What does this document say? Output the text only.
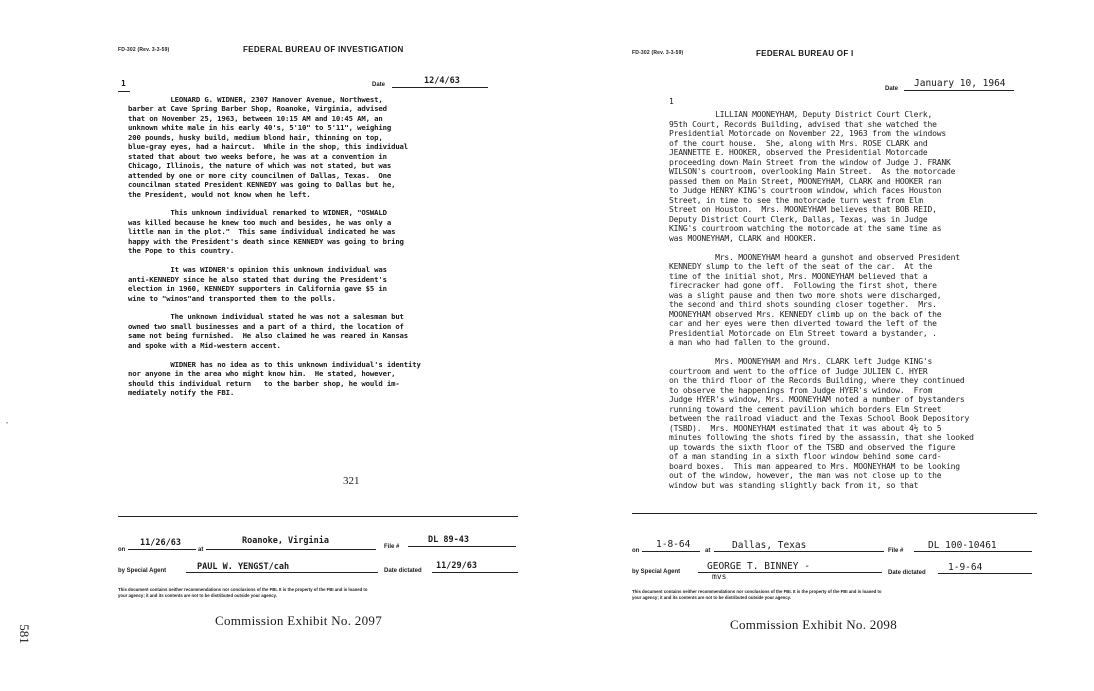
FD-302 (Rev. 3-3-59)	FEDERAL BUREAU OF INVESTIGATION
1	Date	12/4/63
LEONARD G. WIDNER, 2307 Hanover Avenue, Northwest,
barber at Cave Spring Barber Shop, Roanoke, Virginia, advised
that on November 25, 1963, between 10:15 AM and 10:45 AM, an
unknown white male in his early 40's, 5'10" to 5'11", weighing
200 pounds, husky build, medium blond hair, thinning on top,
blue-gray eyes, had a haircut.  While in the shop, this individual
stated that about two weeks before, he was at a convention in
Chicago, Illinois, the nature of which was not stated, but was
attended by one or more city councilmen of Dallas, Texas.  One
councilman stated President KENNEDY was going to Dallas but he,
the President, would not know when he left.

This unknown individual remarked to WIDNER, "OSWALD
was killed because he knew too much and besides, he was only a
little man in the plot."  This same individual indicated he was
happy with the President's death since KENNEDY was going to bring
the Pope to this country.

It was WIDNER's opinion this unknown individual was
anti-KENNEDY since he also stated that during the President's
election in 1960, KENNEDY supporters in California gave $5 in
wine to "winos"and transported them to the polls.

The unknown individual stated he was not a salesman but
owned two small businesses and a part of a third, the location of
same not being furnished.  He also claimed he was reared in Kansas
and spoke with a Mid-western accent.

WIDNER has no idea as to this unknown individual's identity
nor anyone in the area who might know him.  He stated, however,
should this individual return   to the barber shop, he would im-
mediately notify the FBI.
321
on
11/26/63
at
Roanoke, Virginia
File #
DL 89-43
by Special Agent	PAUL W. YENGST/cah	Date dictated 11/29/63
This document contains neither recommendations nor conclusions of the FBI. It is the property of the FBI and is loaned to
your agency; it and its contents are not to be distributed outside your agency.
Commission Exhibit No. 2097
FD-302 (Rev. 3-3-59)	FEDERAL BUREAU OF I
Date January 10, 1964
1
LILLIAN MOONEYHAM, Deputy District Court Clerk,
95th Court, Records Building, advised that she watched the
Presidential Motorcade on November 22, 1963 from the windows
of the court house.  She, along with Mrs. ROSE CLARK and
JEANNETTE E. HOOKER, observed the Presidential Motorcade
proceeding down Main Street from the window of Judge J. FRANK
WILSON's courtroom, overlooking Main Street.  As the motorcade
passed them on Main Street, MOONEYHAM, CLARK and HOOKER ran
to Judge HENRY KING's courtroom window, which faces Houston
Street, in time to see the motorcade turn west from Elm
Street on Houston.  Mrs. MOONEYHAM believes that BOB REID,
Deputy District Court Clerk, Dallas, Texas, was in Judge
KING's courtroom watching the motorcade at the same time as
was MOONEYHAM, CLARK and HOOKER.

Mrs. MOONEYHAM heard a gunshot and observed President
KENNEDY slump to the left of the seat of the car.  At the
time of the initial shot, Mrs. MOONEYHAM believed that a
firecracker had gone off.  Following the first shot, there
was a slight pause and then two more shots were discharged,
the second and third shots sounding closer together.  Mrs.
MOONEYHAM observed Mrs. KENNEDY climb up on the back of the
car and her eyes were then diverted toward the left of the
Presidential Motorcade on Elm Street toward a bystander, .
a man who had fallen to the ground.

Mrs. MOONEYHAM and Mrs. CLARK left Judge KING's
courtroom and went to the office of Judge JULIEN C. HYER
on the third floor of the Records Building, where they continued
to observe the happenings from Judge HYER's window.  From
Judge HYER's window, Mrs. MOONEYHAM noted a number of bystanders
running toward the cement pavilion which borders Elm Street
between the railroad viaduct and the Texas School Book Depository
(TSBD).  Mrs. MOONEYHAM estimated that it was about 4½ to 5
minutes following the shots fired by the assassin, that she looked
up towards the sixth floor of the TSBD and observed the figure
of a man standing in a sixth floor window behind some card-
board boxes.  This man appeared to Mrs. MOONEYHAM to be looking
out of the window, however, the man was not close up to the
window but was standing slightly back from it, so that
on
1-8-64
at Dallas, Texas	File #	DL 100-10461
by Special Agent	GEORGE T. BINNEY -
mvs	Date dictated 1-9-64
This document contains neither recommendations nor conclusions of the FBI. It is the property of the FBI and is loaned to
your agency; it and its contents are not to be distributed outside your agency.
Commission Exhibit No. 2098
581
·
